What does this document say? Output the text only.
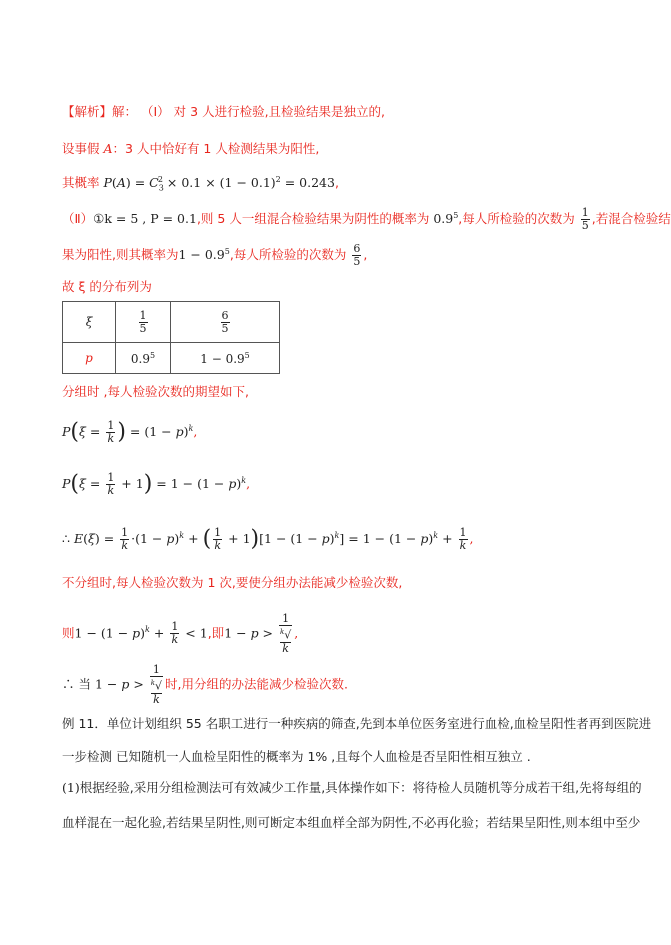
【解析】解： （Ⅰ） 对 3 人进行检验,且检验结果是独立的,
设事假 A：3 人中恰好有 1 人检测结果为阳性,
其概率 $P(A) = C_3^2 \times 0.1 \times (1 - 0.1)^2 = 0.243$,
（Ⅱ）①k = 5 , P = 0.1,则 5 人一组混合检验结果为阴性的概率为 $0.9^5$,每人所检验的次数为 $\frac{1}{5}$ ,若混合检验结
果为阳性,则其概率为$1 - 0.9^5$,每人所检验的次数为 $\frac{6}{5}$ ,
故 ξ 的分布列为
ξ	$\frac{1}{5}$	$\frac{6}{5}$

p	$0.9^5$	$1 - 0.9^5$
分组时 ,每人检验次数的期望如下,
$P(\xi = \frac{1}{k}$ ) = $(1 - p)^k$,
$P(\xi = \frac{1}{k} + 1) = 1 - (1 - p)^k$,
∴ $E(\xi) = \frac{1}{k} \cdot(1 - p)^k$ + ( $\frac{1}{k} + 1)[1 - (1 - p)^k] = 1 - (1 - p)^k + \frac{1}{k}$ ,
不分组时,每人检验次数为 1 次,要使分组办法能减少检验次数,
则$1 - (1 - p)^k + \frac{1}{k} < 1$,即1 − p > 1
$^k$√
k ,
∴ 当 1 − p > 1
$^k$√
k 时,用分组的办法能减少检验次数.
例 11．单位计划组织 55 名职工进行一种疾病的筛查,先到本单位医务室进行血检,血检呈阳性者再到医院进
一步检测 已知随机一人血检呈阳性的概率为 1% ,且每个人血检是否呈阳性相互独立 .
(1)根据经验,采用分组检测法可有效减少工作量,具体操作如下：将待检人员随机等分成若干组,先将每组的
血样混在一起化验,若结果呈阴性,则可断定本组血样全部为阴性,不必再化验；若结果呈阳性,则本组中至少
